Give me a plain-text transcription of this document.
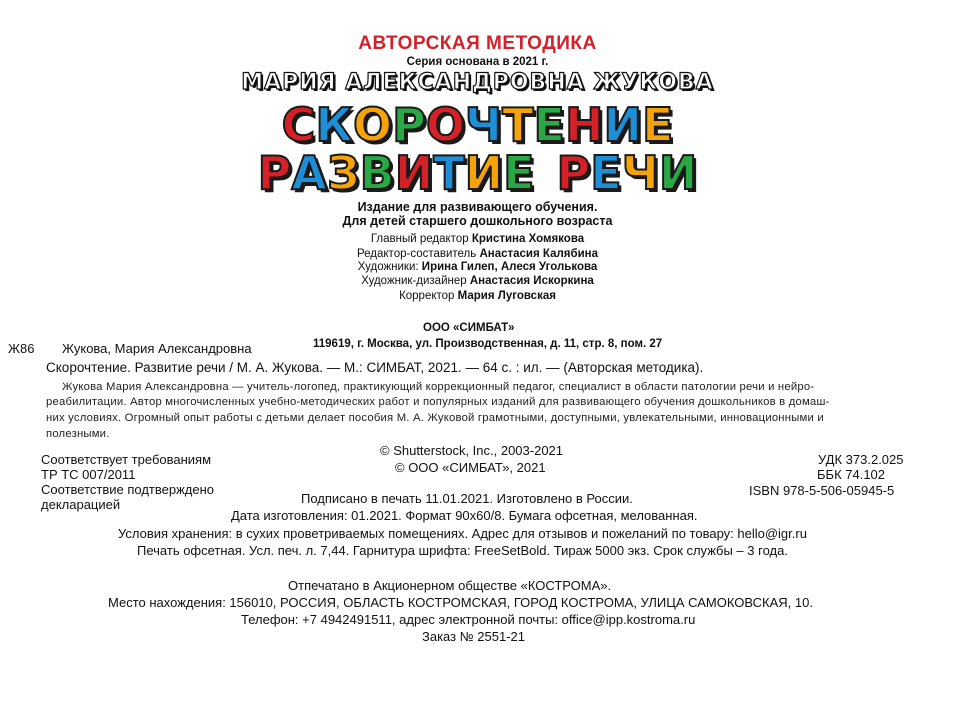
АВТОРСКАЯ МЕТОДИКА
Серия основана в 2021 г.
МАРИЯ АЛЕКСАНДРОВНА ЖУКОВА
СКОРОЧТЕНИЕ
РАЗВИТИЕ РЕЧИ
Издание для развивающего обучения.
Для детей старшего дошкольного возраста
Главный редактор Кристина Хомякова
Редактор-составитель Анастасия Калябина
Художники: Ирина Гилеп, Алеся Уголькова
Художник-дизайнер Анастасия Искоркина
Корректор Мария Луговская
ООО «СИМБАТ»
119619, г. Москва, ул. Производственная, д. 11, стр. 8, пом. 27
Ж86 Жукова, Мария Александровна
Скорочтение. Развитие речи / М. А. Жукова. — М.: СИМБАТ, 2021. — 64 с. : ил. — (Авторская методика).
Жукова Мария Александровна — учитель-логопед, практикующий коррекционный педагог, специалист в области патологии речи и нейро-
реабилитации. Автор многочисленных учебно-методических работ и популярных изданий для развивающего обучения дошкольников в домаш-
них условиях. Огромный опыт работы с детьми делает пособия М. А. Жуковой грамотными, доступными, увлекательными, инновационными и
полезными.
Соответствует требованиям
ТР ТС 007/2011
Соответствие подтверждено
декларацией
© Shutterstock, Inc., 2003-2021
© ООО «СИМБАТ», 2021
УДК 373.2.025
ББК 74.102
ISBN 978-5-506-05945-5
Подписано в печать 11.01.2021. Изготовлено в России.
Дата изготовления: 01.2021. Формат 90х60/8. Бумага офсетная, мелованная.
Условия хранения: в сухих проветриваемых помещениях. Адрес для отзывов и пожеланий по товару: hello@igr.ru
Печать офсетная. Усл. печ. л. 7,44. Гарнитура шрифта: FreeSetBold. Тираж 5000 экз. Срок службы – 3 года.
Отпечатано в Акционерном обществе «КОСТРОМА».
Место нахождения: 156010, РОССИЯ, ОБЛАСТЬ КОСТРОМСКАЯ, ГОРОД КОСТРОМА, УЛИЦА САМОКОВСКАЯ, 10.
Телефон: +7 4942491511, адрес электронной почты: office@ipp.kostroma.ru
Заказ № 2551-21
